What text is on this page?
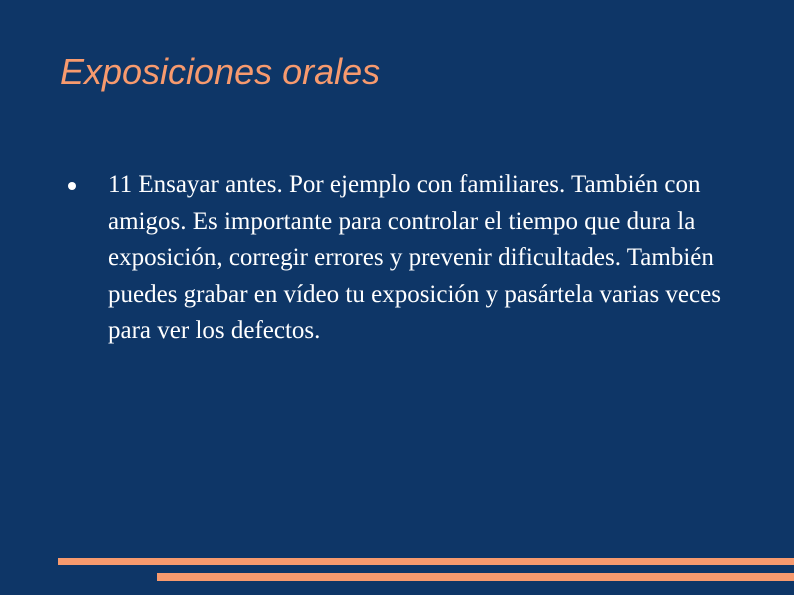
Exposiciones orales
11 Ensayar antes. Por ejemplo con familiares. También con amigos. Es importante para controlar el tiempo que dura la exposición, corregir errores y prevenir dificultades. También puedes grabar en vídeo tu exposición y pasártela varias veces para ver los defectos.
